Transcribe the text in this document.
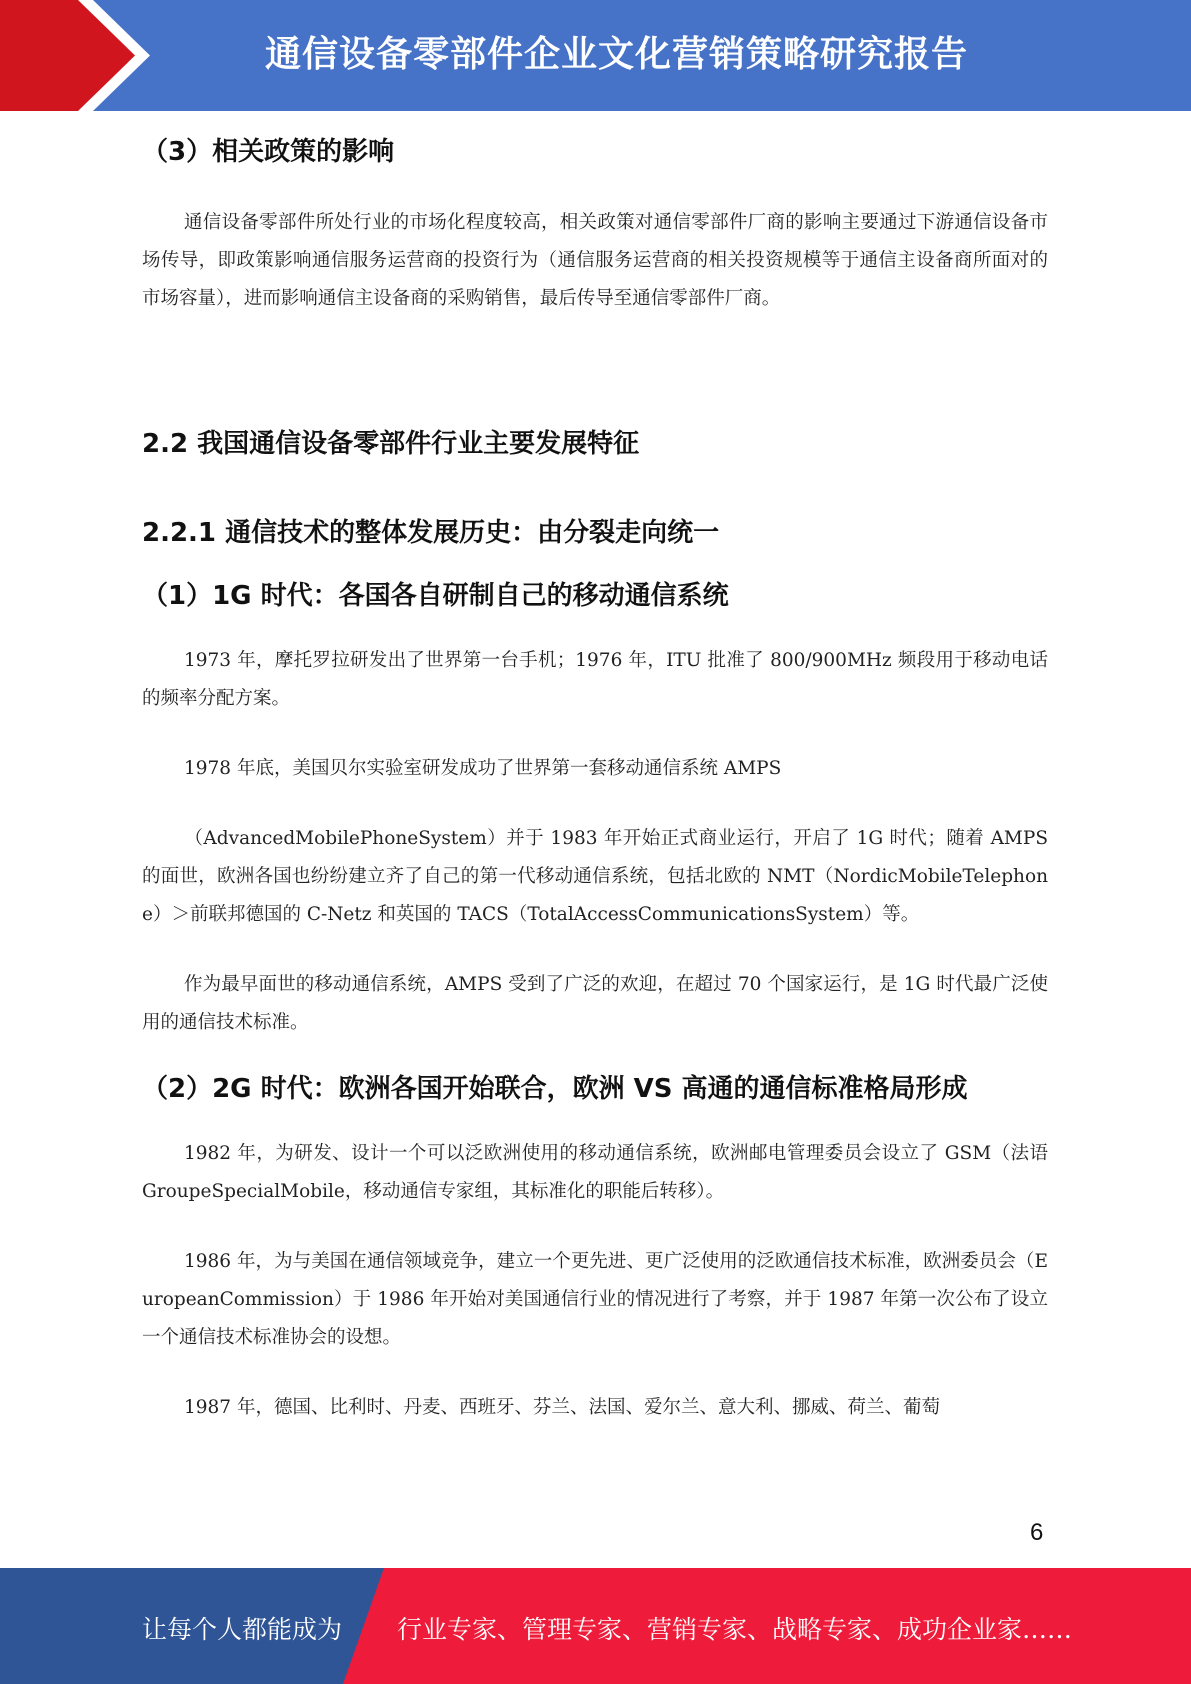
通信设备零部件企业文化营销策略研究报告

（3）相关政策的影响

通信设备零部件所处行业的市场化程度较高，相关政策对通信零部件厂商的影响主要通过下游通信设备市场传导，即政策影响通信服务运营商的投资行为（通信服务运营商的相关投资规模等于通信主设备商所面对的市场容量），进而影响通信主设备商的采购销售，最后传导至通信零部件厂商。

2.2 我国通信设备零部件行业主要发展特征

2.2.1 通信技术的整体发展历史：由分裂走向统一

（1）1G 时代：各国各自研制自己的移动通信系统

1973 年，摩托罗拉研发出了世界第一台手机；1976 年，ITU 批准了 800/900MHz 频段用于移动电话的频率分配方案。

1978 年底，美国贝尔实验室研发成功了世界第一套移动通信系统 AMPS

（AdvancedMobilePhoneSystem）并于 1983 年开始正式商业运行，开启了 1G 时代；随着 AMPS 的面世，欧洲各国也纷纷建立齐了自己的第一代移动通信系统，包括北欧的 NMT（NordicMobileTelephone）＞前联邦德国的 C-Netz 和英国的 TACS（TotalAccessCommunicationsSystem）等。

作为最早面世的移动通信系统，AMPS 受到了广泛的欢迎，在超过 70 个国家运行，是 1G 时代最广泛使用的通信技术标准。

（2）2G 时代：欧洲各国开始联合，欧洲 VS 高通的通信标准格局形成

1982 年，为研发、设计一个可以泛欧洲使用的移动通信系统，欧洲邮电管理委员会设立了 GSM（法语 GroupeSpecialMobile，移动通信专家组，其标准化的职能后转移）。

1986 年，为与美国在通信领域竞争，建立一个更先进、更广泛使用的泛欧通信技术标准，欧洲委员会（EuropeanCommission）于 1986 年开始对美国通信行业的情况进行了考察，并于 1987 年第一次公布了设立一个通信技术标准协会的设想。

1987 年，德国、比利时、丹麦、西班牙、芬兰、法国、爱尔兰、意大利、挪威、荷兰、葡萄

6
让每个人都能成为 行业专家、管理专家、营销专家、战略专家、成功企业家……
